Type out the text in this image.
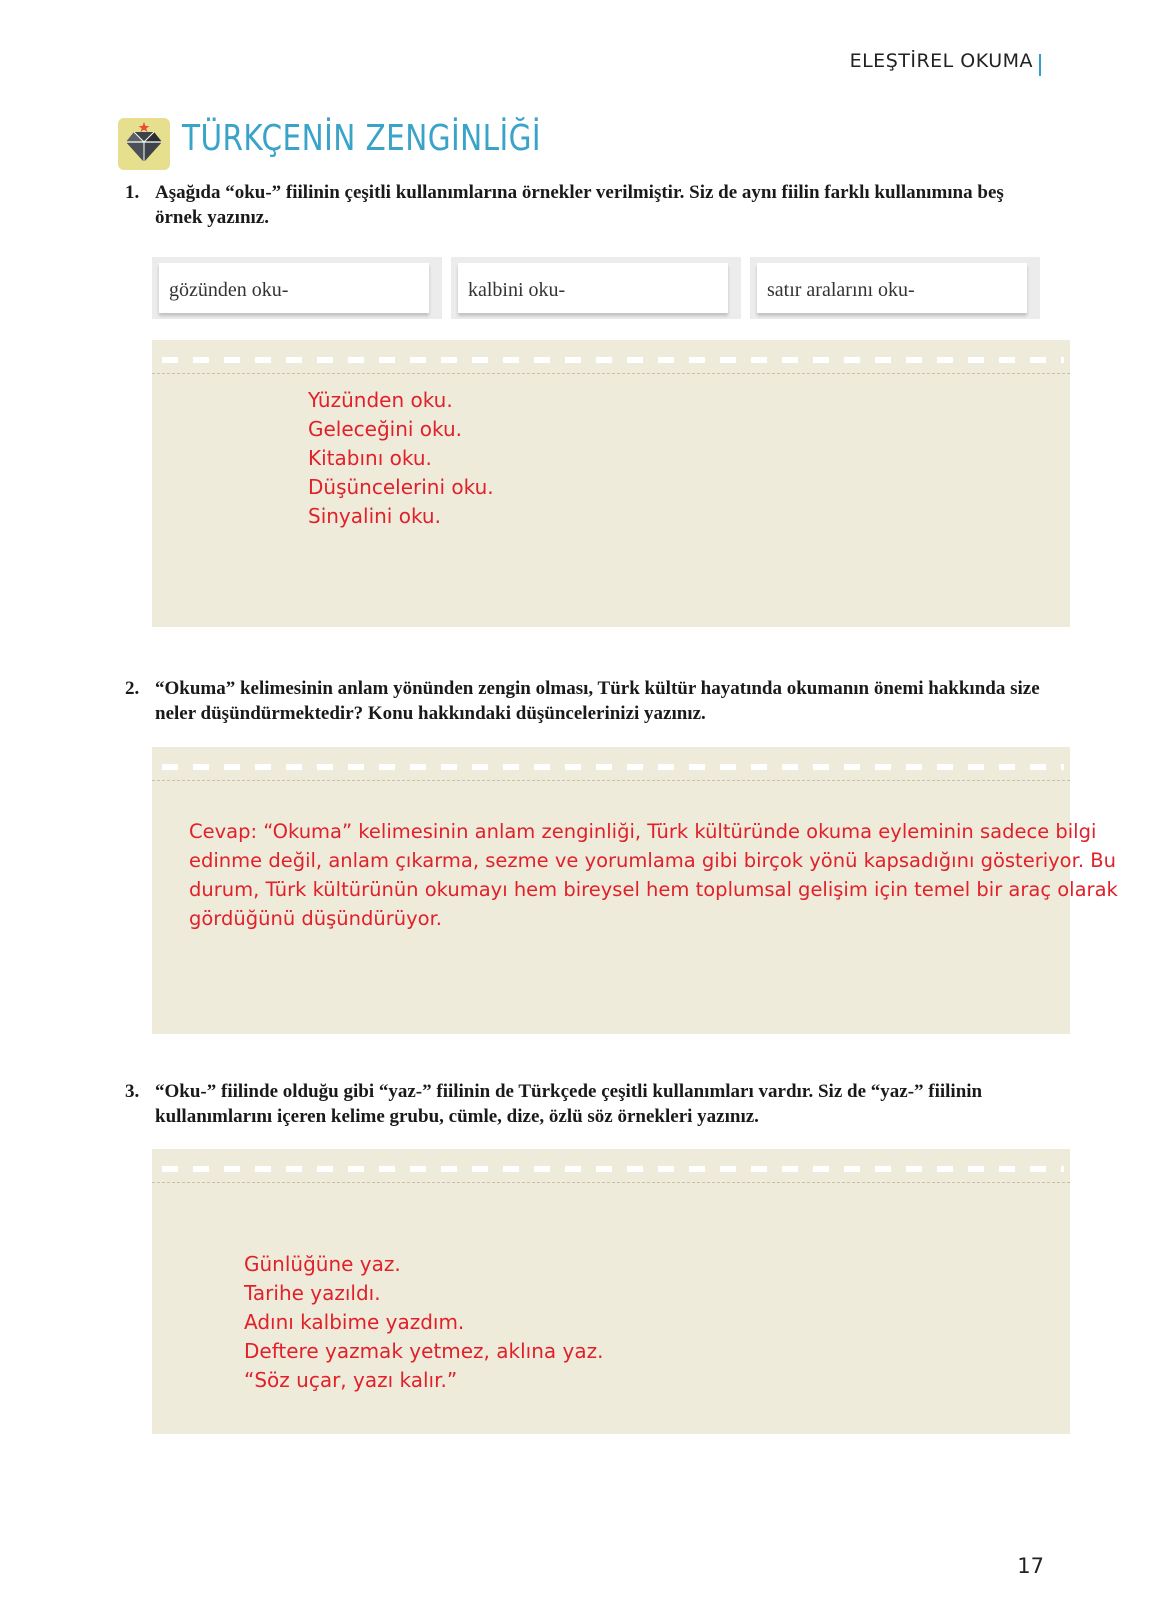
ELEŞTİREL OKUMA
TÜRKÇENİN ZENGİNLİĞİ
1. Aşağıda “oku-” fiilinin çeşitli kullanımlarına örnekler verilmiştir. Siz de aynı fiilin farklı kullanımına beş örnek yazınız.
gözünden oku-	kalbini oku-	satır aralarını oku-
Yüzünden oku.
Geleceğini oku.
Kitabını oku.
Düşüncelerini oku.
Sinyalini oku.
2. “Okuma” kelimesinin anlam yönünden zengin olması, Türk kültür hayatında okumanın önemi hakkında size neler düşündürmektedir? Konu hakkındaki düşüncelerinizi yazınız.
Cevap: “Okuma” kelimesinin anlam zenginliği, Türk kültüründe okuma eyleminin sadece bilgi
edinme değil, anlam çıkarma, sezme ve yorumlama gibi birçok yönü kapsadığını gösteriyor. Bu
durum, Türk kültürünün okumayı hem bireysel hem toplumsal gelişim için temel bir araç olarak
gördüğünü düşündürüyor.
3. “Oku-” fiilinde olduğu gibi “yaz-” fiilinin de Türkçede çeşitli kullanımları vardır. Siz de “yaz-” fiilinin kullanımlarını içeren kelime grubu, cümle, dize, özlü söz örnekleri yazınız.
Günlüğüne yaz.
Tarihe yazıldı.
Adını kalbime yazdım.
Deftere yazmak yetmez, aklına yaz.
“Söz uçar, yazı kalır.”
17
